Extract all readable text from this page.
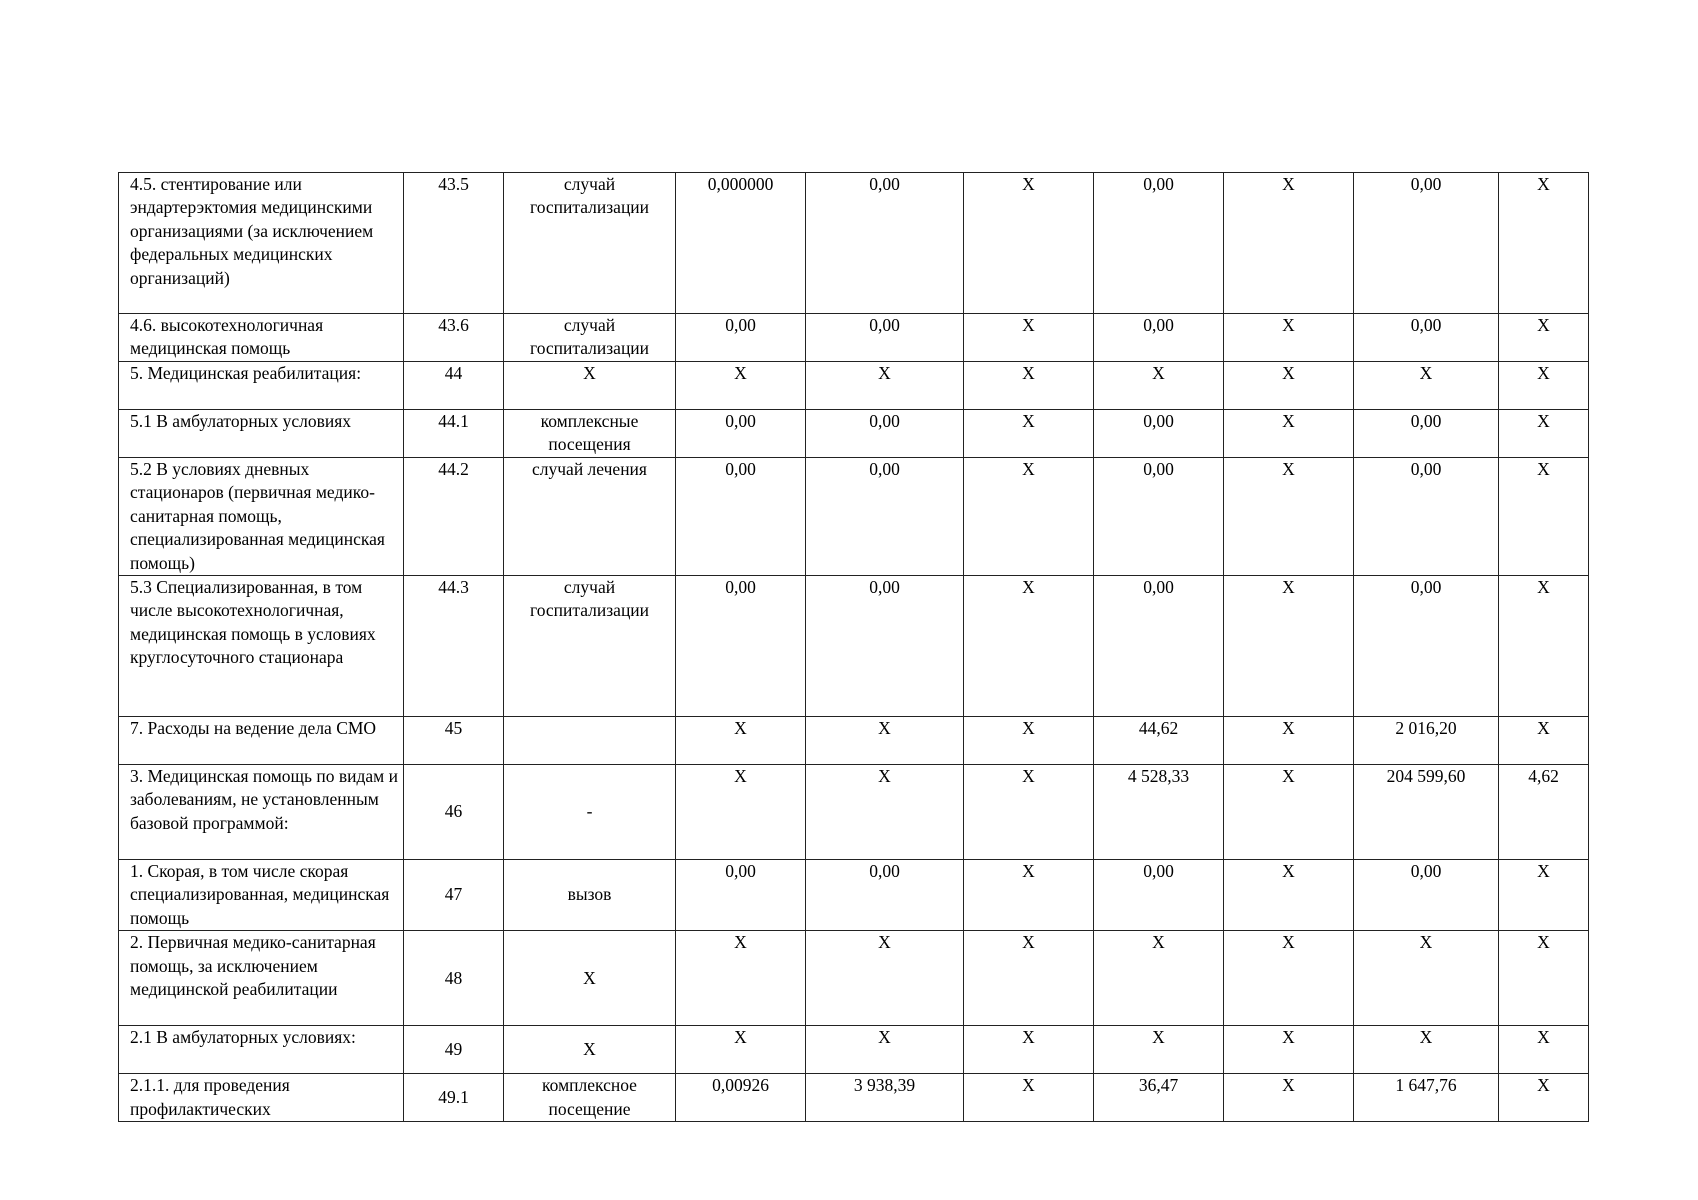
4.5. стентирование или эндартерэктомия медицинскими организациями (за исключением федеральных медицинских организаций)	43.5	случай госпитализации	0,000000	0,00	X	0,00	X	0,00	X
4.6. высокотехнологичная медицинская помощь	43.6	случай госпитализации	0,00	0,00	X	0,00	X	0,00	X
5. Медицинская реабилитация:	44	X	X	X	X	X	X	X	X
5.1 В амбулаторных условиях	44.1	комплексные посещения	0,00	0,00	X	0,00	X	0,00	X
5.2 В условиях дневных стационаров (первичная медико-санитарная помощь, специализированная медицинская помощь)	44.2	случай лечения	0,00	0,00	X	0,00	X	0,00	X
5.3 Специализированная, в том числе высокотехнологичная, медицинская помощь в условиях круглосуточного стационара	44.3	случай госпитализации	0,00	0,00	X	0,00	X	0,00	X
7. Расходы на ведение дела СМО	45		X	X	X	44,62	X	2 016,20	X
3. Медицинская помощь по видам и заболеваниям, не установленным базовой программой:	46	-	X	X	X	4 528,33	X	204 599,60	4,62
1. Скорая, в том числе скорая специализированная, медицинская помощь	47	вызов	0,00	0,00	X	0,00	X	0,00	X
2. Первичная медико-санитарная помощь, за исключением медицинской реабилитации	48	X	X	X	X	X	X	X	X
2.1 В амбулаторных условиях:	49	X	X	X	X	X	X	X	X
2.1.1. для проведения профилактических	49.1	комплексное посещение	0,00926	3 938,39	X	36,47	X	1 647,76	X
